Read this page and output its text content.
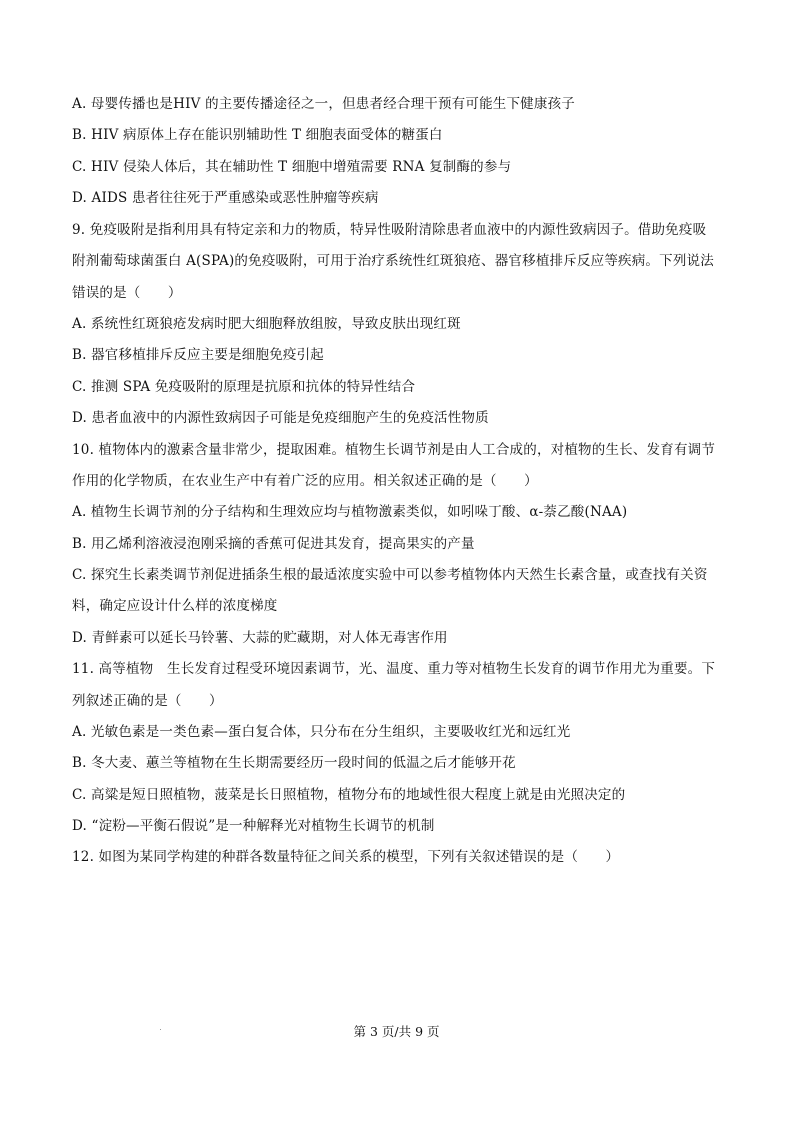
A. 母婴传播也是HIV 的主要传播途径之一，但患者经合理干预有可能生下健康孩子
B. HIV 病原体上存在能识别辅助性 T 细胞表面受体的糖蛋白
C. HIV 侵染人体后，其在辅助性 T 细胞中增殖需要 RNA 复制酶的参与
D. AIDS 患者往往死于严重感染或恶性肿瘤等疾病
9. 免疫吸附是指利用具有特定亲和力的物质，特异性吸附清除患者血液中的内源性致病因子。借助免疫吸
附剂葡萄球菌蛋白 A(SPA)的免疫吸附，可用于治疗系统性红斑狼疮、器官移植排斥反应等疾病。下列说法
错误的是（　　）
A. 系统性红斑狼疮发病时肥大细胞释放组胺，导致皮肤出现红斑
B. 器官移植排斥反应主要是细胞免疫引起
C. 推测 SPA 免疫吸附的原理是抗原和抗体的特异性结合
D. 患者血液中的内源性致病因子可能是免疫细胞产生的免疫活性物质
10. 植物体内的激素含量非常少，提取困难。植物生长调节剂是由人工合成的，对植物的生长、发育有调节
作用的化学物质，在农业生产中有着广泛的应用。相关叙述正确的是（　　）
A. 植物生长调节剂的分子结构和生理效应均与植物激素类似，如吲哚丁酸、α-萘乙酸(NAA)
B. 用乙烯利溶液浸泡刚采摘的香蕉可促进其发育，提高果实的产量
C. 探究生长素类调节剂促进插条生根的最适浓度实验中可以参考植物体内天然生长素含量，或查找有关资
料，确定应设计什么样的浓度梯度
D. 青鲜素可以延长马铃薯、大蒜的贮藏期，对人体无毒害作用
11. 高等植物　生长发育过程受环境因素调节，光、温度、重力等对植物生长发育的调节作用尤为重要。下
列叙述正确的是（　　）
A. 光敏色素是一类色素—蛋白复合体，只分布在分生组织，主要吸收红光和远红光
B. 冬大麦、蕙兰等植物在生长期需要经历一段时间的低温之后才能够开花
C. 高粱是短日照植物，菠菜是长日照植物，植物分布的地域性很大程度上就是由光照决定的
D. “淀粉—平衡石假说”是一种解释光对植物生长调节的机制
12. 如图为某同学构建的种群各数量特征之间关系的模型，下列有关叙述错误的是（　　）
第 3 页/共 9 页
